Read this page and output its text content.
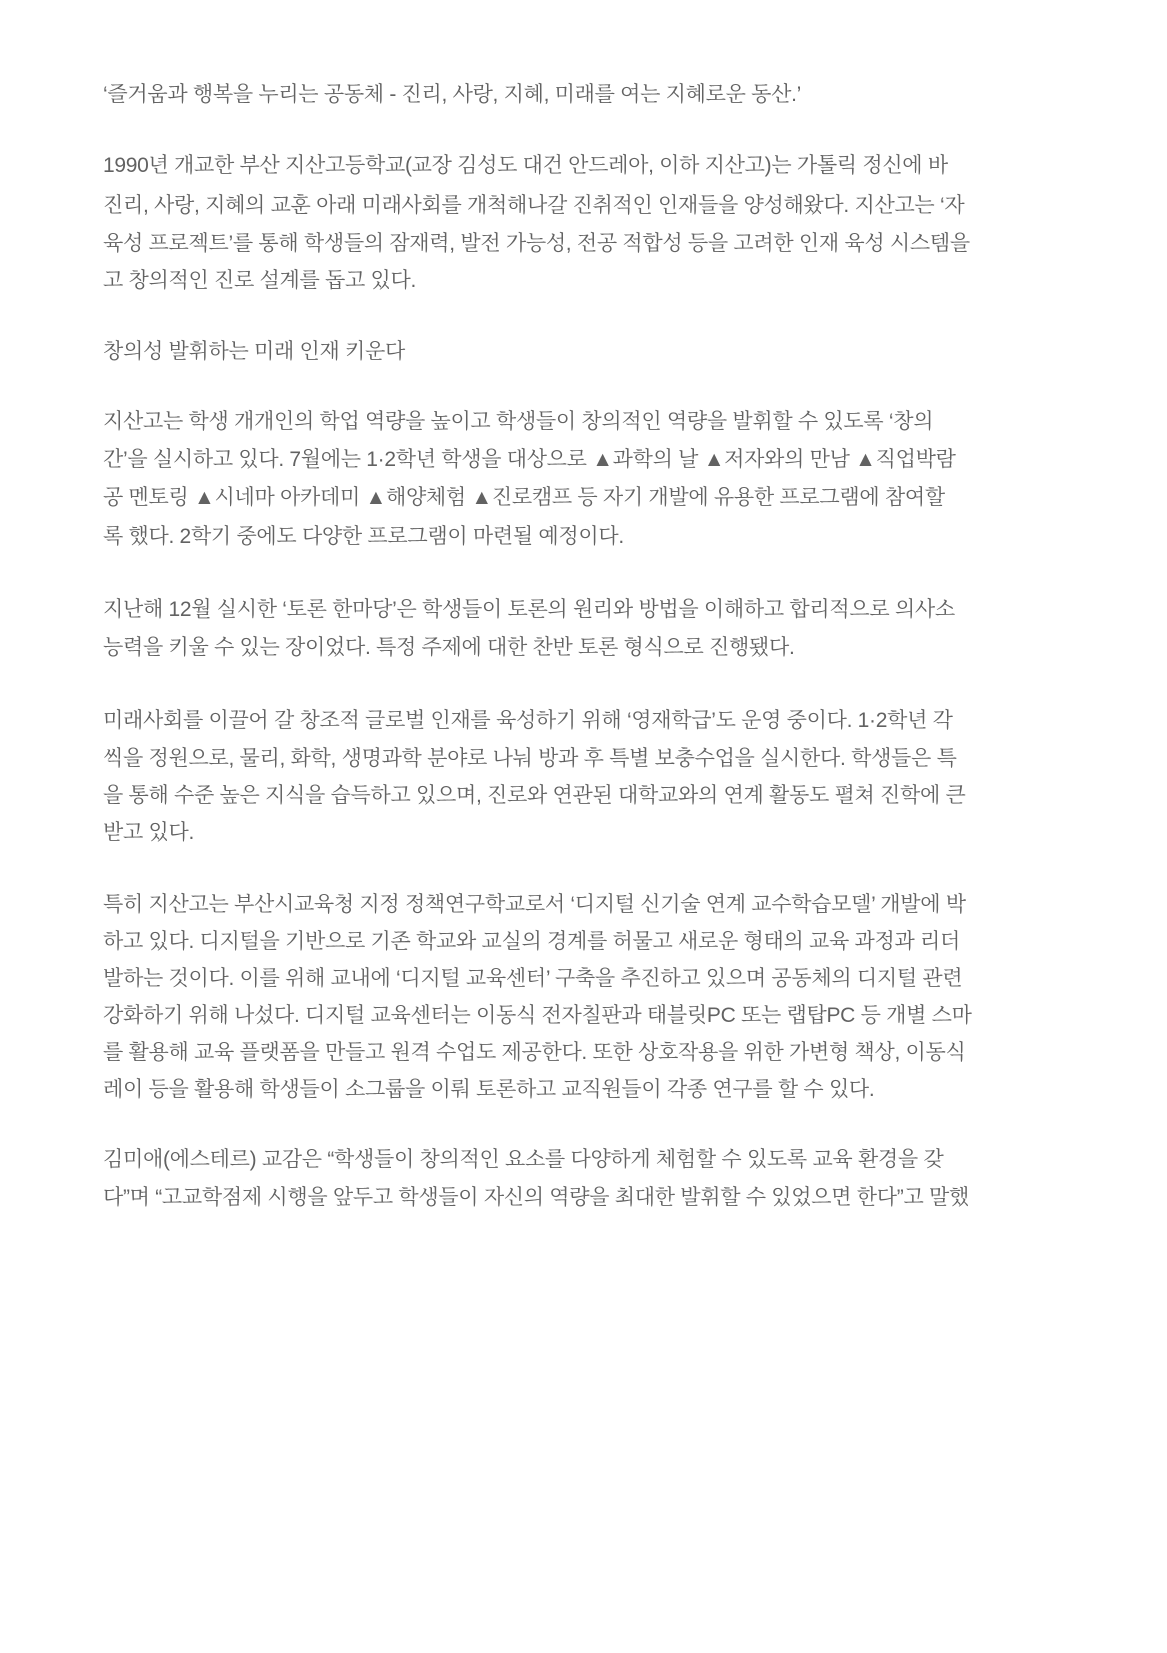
‘즐거움과 행복을 누리는 공동체 - 진리, 사랑, 지혜, 미래를 여는 지혜로운 동산.’
1990년 개교한 부산 지산고등학교(교장 김성도 대건 안드레아, 이하 지산고)는 가톨릭 정신에 바
진리, 사랑, 지혜의 교훈 아래 미래사회를 개척해나갈 진취적인 인재들을 양성해왔다. 지산고는 ‘자
육성 프로젝트’를 통해 학생들의 잠재력, 발전 가능성, 전공 적합성 등을 고려한 인재 육성 시스템을
고 창의적인 진로 설계를 돕고 있다.
창의성 발휘하는 미래 인재 키운다
지산고는 학생 개개인의 학업 역량을 높이고 학생들이 창의적인 역량을 발휘할 수 있도록 ‘창의
간’을 실시하고 있다. 7월에는 1·2학년 학생을 대상으로 ▲과학의 날 ▲저자와의 만남 ▲직업박람
공 멘토링 ▲시네마 아카데미 ▲해양체험 ▲진로캠프 등 자기 개발에 유용한 프로그램에 참여할
록 했다. 2학기 중에도 다양한 프로그램이 마련될 예정이다.
지난해 12월 실시한 ‘토론 한마당’은 학생들이 토론의 원리와 방법을 이해하고 합리적으로 의사소
능력을 키울 수 있는 장이었다. 특정 주제에 대한 찬반 토론 형식으로 진행됐다.
미래사회를 이끌어 갈 창조적 글로벌 인재를 육성하기 위해 ‘영재학급’도 운영 중이다. 1·2학년 각
씩을 정원으로, 물리, 화학, 생명과학 분야로 나눠 방과 후 특별 보충수업을 실시한다. 학생들은 특
을 통해 수준 높은 지식을 습득하고 있으며, 진로와 연관된 대학교와의 연계 활동도 펼쳐 진학에 큰
받고 있다.
특히 지산고는 부산시교육청 지정 정책연구학교로서 ‘디지털 신기술 연계 교수학습모델’ 개발에 박
하고 있다. 디지털을 기반으로 기존 학교와 교실의 경계를 허물고 새로운 형태의 교육 과정과 리더
발하는 것이다. 이를 위해 교내에 ‘디지털 교육센터’ 구축을 추진하고 있으며 공동체의 디지털 관련
강화하기 위해 나섰다. 디지털 교육센터는 이동식 전자칠판과 태블릿PC 또는 랩탑PC 등 개별 스마
를 활용해 교육 플랫폼을 만들고 원격 수업도 제공한다. 또한 상호작용을 위한 가변형 책상, 이동식
레이 등을 활용해 학생들이 소그룹을 이뤄 토론하고 교직원들이 각종 연구를 할 수 있다.
김미애(에스테르) 교감은 “학생들이 창의적인 요소를 다양하게 체험할 수 있도록 교육 환경을 갖
다”며 “고교학점제 시행을 앞두고 학생들이 자신의 역량을 최대한 발휘할 수 있었으면 한다”고 말했
